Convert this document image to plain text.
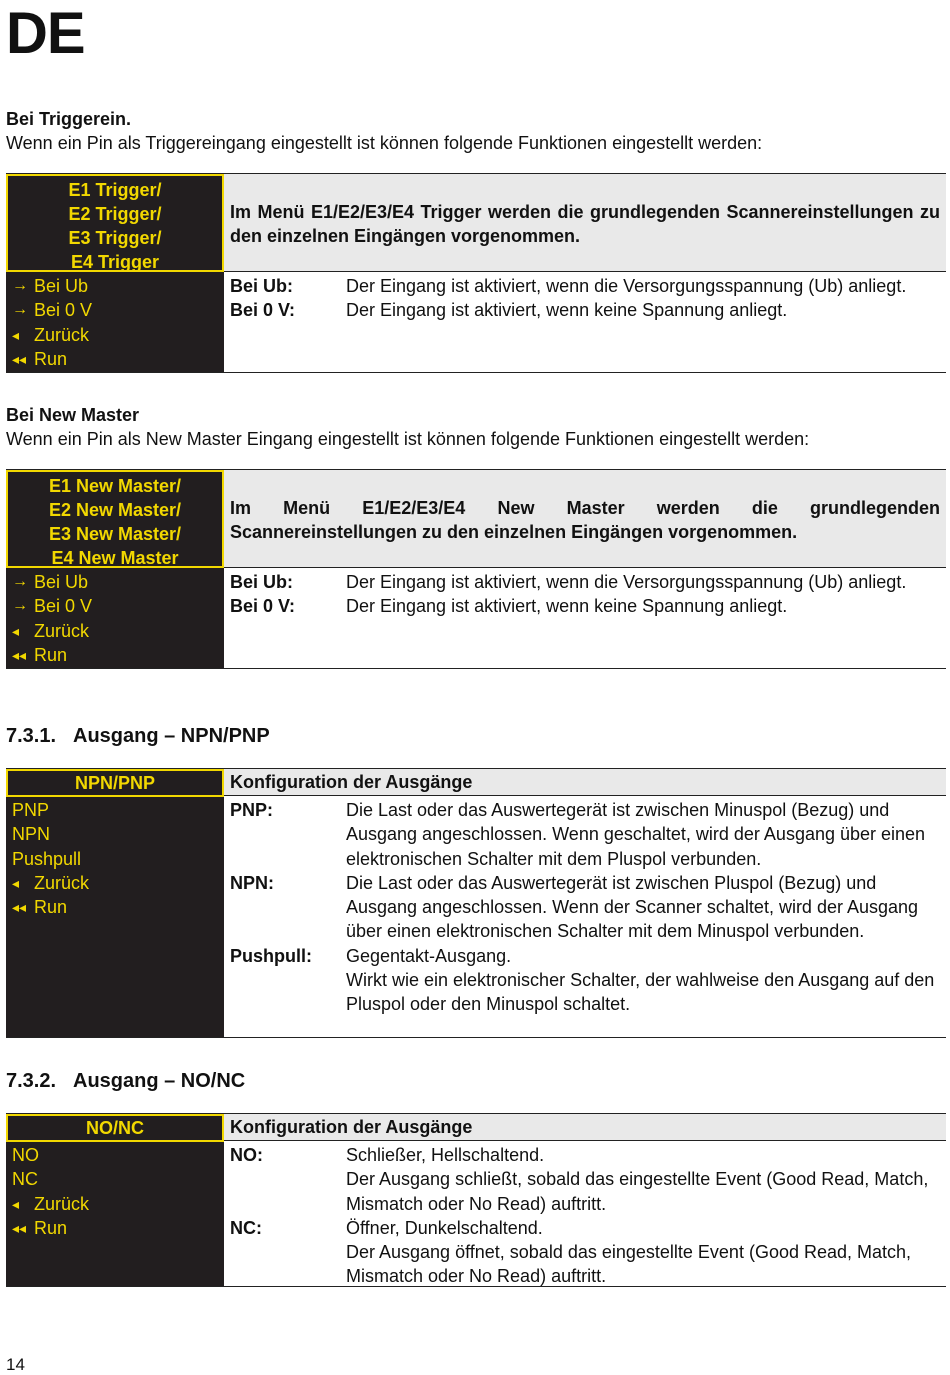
DE
Bei Triggerein.
Wenn ein Pin als Triggereingang eingestellt ist können folgende Funktionen eingestellt werden:
E1 Trigger/
E2 Trigger/
E3 Trigger/
E4 Trigger
→ Bei Ub
→ Bei 0 V
◂ Zurück
◂◂ Run
Im Menü E1/E2/E3/E4 Trigger werden die grundlegenden Scannereinstellungen zu den einzelnen Eingängen vorgenommen.
Bei Ub:	Der Eingang ist aktiviert, wenn die Versorgungsspannung (Ub) anliegt.

Bei 0 V:	Der Eingang ist aktiviert, wenn keine Spannung anliegt.

Bei New Master
Wenn ein Pin als New Master Eingang eingestellt ist können folgende Funktionen eingestellt werden:
E1 New Master/
E2 New Master/
E3 New Master/
E4 New Master
→ Bei Ub
→ Bei 0 V
◂ Zurück
◂◂ Run
Im Menü E1/E2/E3/E4 New Master werden die grundlegenden Scannereinstellungen zu den einzelnen Eingängen vorgenommen.
Bei Ub:	Der Eingang ist aktiviert, wenn die Versorgungsspannung (Ub) anliegt.

Bei 0 V:	Der Eingang ist aktiviert, wenn keine Spannung anliegt.

7.3.1. Ausgang – NPN/PNP
NPN/PNP
PNP
NPN
Pushpull
◂ Zurück
◂◂ Run
Konfiguration der Ausgänge
PNP:	Die Last oder das Auswertegerät ist zwischen Minuspol (Bezug) und Ausgang angeschlossen. Wenn geschaltet, wird der Ausgang über einen elektronischen Schalter mit dem Pluspol verbunden.

NPN:	Die Last oder das Auswertegerät ist zwischen Pluspol (Bezug) und Ausgang angeschlossen. Wenn der Scanner schaltet, wird der Ausgang über einen elektronischen Schalter mit dem Minuspol verbunden.

Pushpull:	Gegentakt-Ausgang.

Wirkt wie ein elektronischer Schalter, der wahlweise den Ausgang auf den Pluspol oder den Minuspol schaltet.

7.3.2. Ausgang – NO/NC
NO/NC
NO
NC
◂ Zurück
◂◂ Run
Konfiguration der Ausgänge
NO:	Schließer, Hellschaltend.

Der Ausgang schließt, sobald das eingestellte Event (Good Read, Match, Mismatch oder No Read) auftritt.

NC:	Öffner, Dunkelschaltend.

Der Ausgang öffnet, sobald das eingestellte Event (Good Read, Match, Mismatch oder No Read) auftritt.

14
